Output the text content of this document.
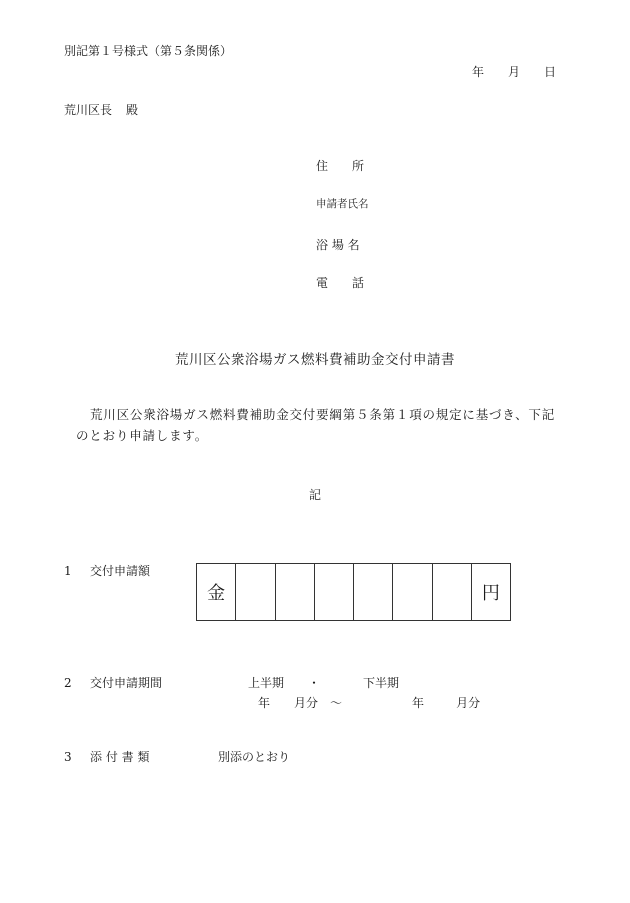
別記第１号様式（第５条関係）
年 月 日
荒川区長 殿
住　　所
申請者氏名
浴 場 名
電　　話
荒川区公衆浴場ガス燃料費補助金交付申請書
荒川区公衆浴場ガス燃料費補助金交付要綱第５条第１項の規定に基づき、下記のとおり申請します。
記
1 交付申請額
金	円
2 交付申請期間	上半期 ・	下半期
年 月分 ～	年	月分
3 添 付 書 類	別添のとおり
